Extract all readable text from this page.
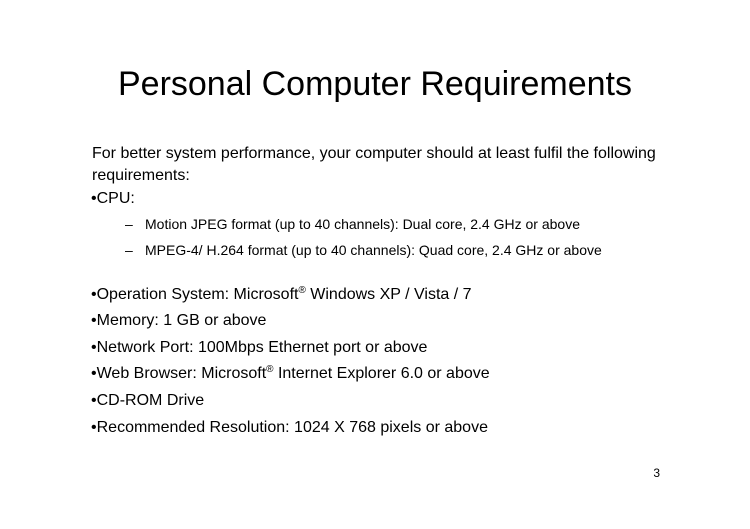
Personal Computer Requirements
For better system performance, your computer should at least fulfil the following requirements:
•CPU:
– Motion JPEG format (up to 40 channels): Dual core, 2.4 GHz or above
– MPEG-4/ H.264 format (up to 40 channels): Quad core, 2.4 GHz or above
•Operation System: Microsoft® Windows XP / Vista / 7
•Memory: 1 GB or above
•Network Port: 100Mbps Ethernet port or above
•Web Browser: Microsoft® Internet Explorer 6.0 or above
•CD-ROM Drive
•Recommended Resolution: 1024 X 768 pixels or above
3
